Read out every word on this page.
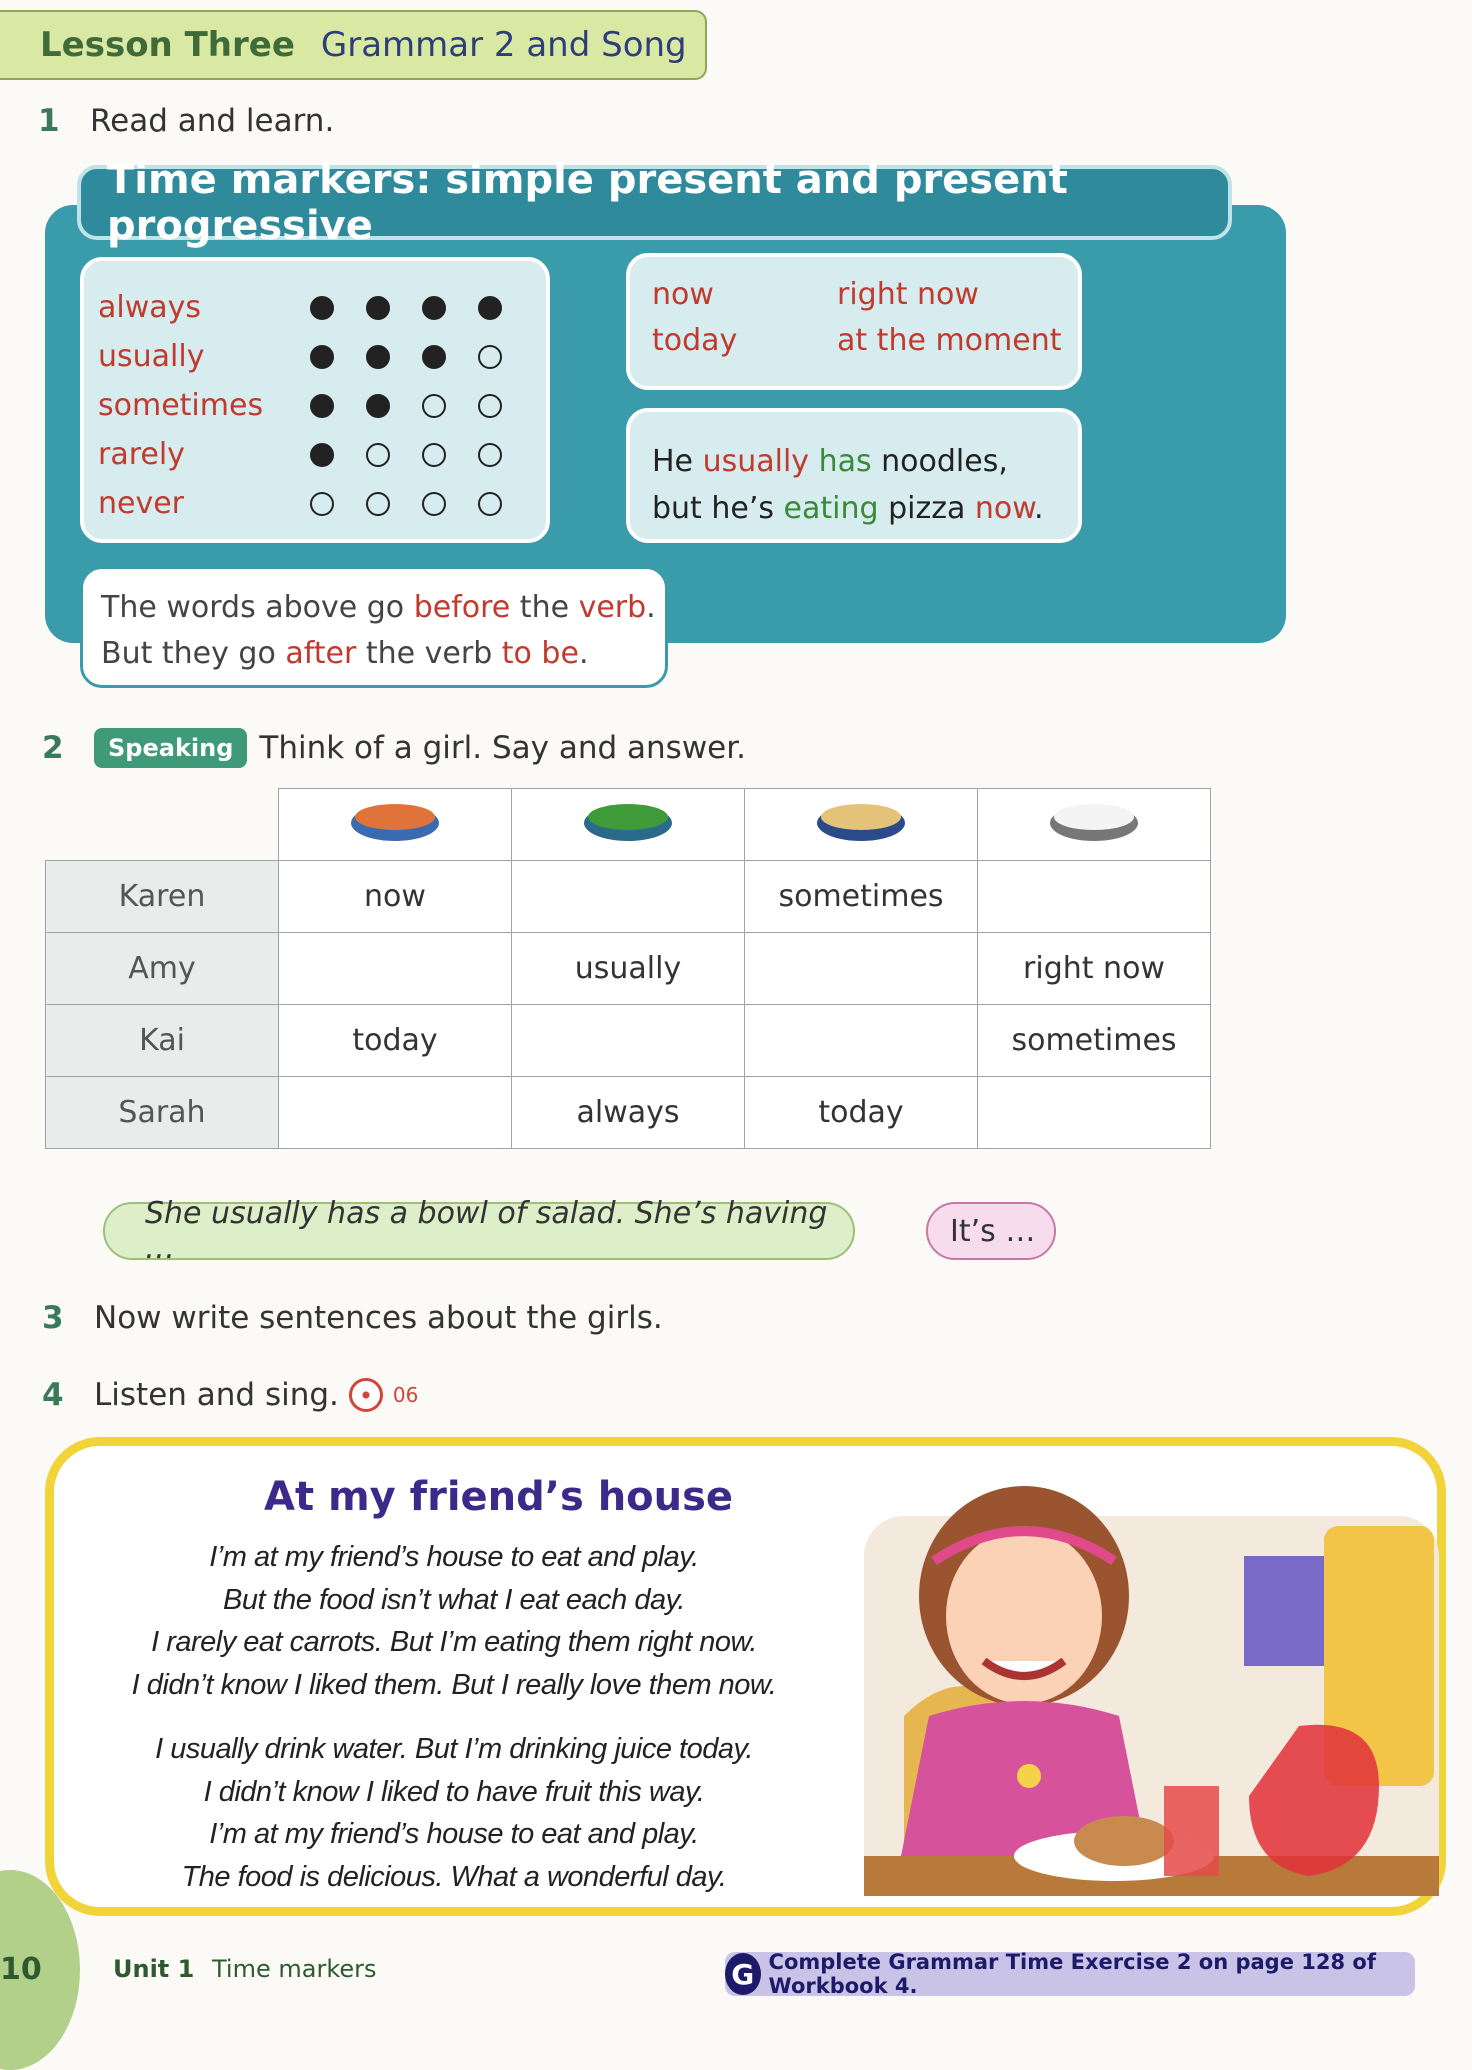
Lesson Three Grammar 2 and Song
1 Read and learn.
Time markers: simple present and present progressive
always
usually
sometimes
rarely
never
now	right now
today	at the moment
He usually has noodles,
but he’s eating pizza now.
The words above go before the verb.
But they go after the verb to be.
2	Speaking Think of a girl. Say and answer.

Karen	now		sometimes	
Amy		usually		right now
Kai	today			sometimes
Sarah		always	today	
She usually has a bowl of salad. She’s having …	It’s …
3 Now write sentences about the girls.
4 Listen and sing.	06
At my friend’s house
I’m at my friend’s house to eat and play.
But the food isn’t what I eat each day.
I rarely eat carrots. But I’m eating them right now.
I didn’t know I liked them. But I really love them now.
I usually drink water. But I’m drinking juice today.
I didn’t know I liked to have fruit this way.
I’m at my friend’s house to eat and play.
The food is delicious. What a wonderful day.
10	Unit 1 Time markers	G Complete Grammar Time Exercise 2 on page 128 of Workbook 4.
